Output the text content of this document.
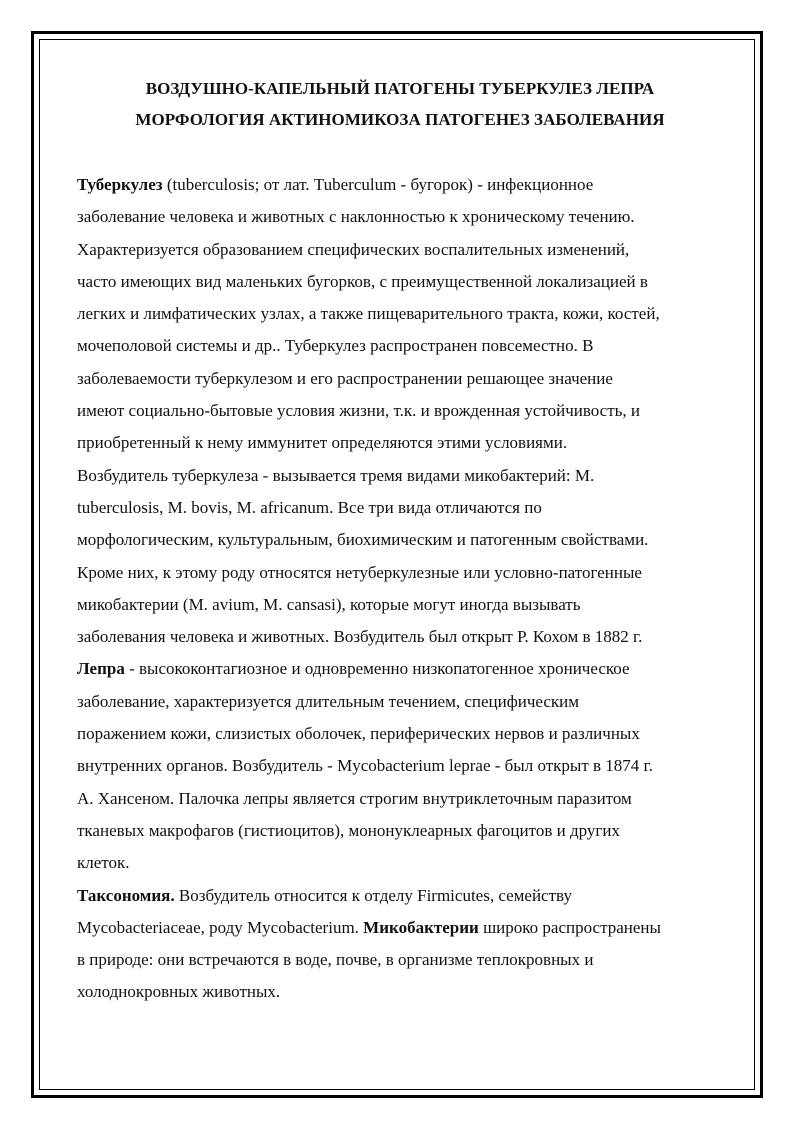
ВОЗДУШНО-КАПЕЛЬНЫЙ ПАТОГЕНЫ ТУБЕРКУЛЕЗ ЛЕПРА
МОРФОЛОГИЯ АКТИНОМИКОЗА ПАТОГЕНЕЗ ЗАБОЛЕВАНИЯ
Туберкулез (tuberculosis; от лат. Tuberculum - бугорок) - инфекционное
заболевание человека и животных с наклонностью к хроническому течению.
Характеризуется образованием специфических воспалительных изменений,
часто имеющих вид маленьких бугорков, с преимущественной локализацией в
легких и лимфатических узлах, а также пищеварительного тракта, кожи, костей,
мочеполовой системы и др.. Туберкулез распространен повсеместно. В
заболеваемости туберкулезом и его распространении решающее значение
имеют социально-бытовые условия жизни, т.к. и врожденная устойчивость, и
приобретенный к нему иммунитет определяются этими условиями.
Возбудитель туберкулеза - вызывается тремя видами микобактерий: M.
tuberculosis, M. bovis, M. africanum. Все три вида отличаются по
морфологическим, культуральным, биохимическим и патогенным свойствами.
Кроме них, к этому роду относятся нетуберкулезные или условно-патогенные
микобактерии (M. avium, M. cansasi), которые могут иногда вызывать
заболевания человека и животных. Возбудитель был открыт Р. Кохом в 1882 г.
Лепра - высококонтагиозное и одновременно низкопатогенное хроническое
заболевание, характеризуется длительным течением, специфическим
поражением кожи, слизистых оболочек, периферических нервов и различных
внутренних органов. Возбудитель - Mycobacterium leprae - был открыт в 1874 г.
А. Хансеном. Палочка лепры является строгим внутриклеточным паразитом
тканевых макрофагов (гистиоцитов), мононуклеарных фагоцитов и других
клеток.
Таксономия. Возбудитель относится к отделу Firmicutes, семейству
Mycobacteriaceae, роду Mycobacterium. Микобактерии широко распространены
в природе: они встречаются в воде, почве, в организме теплокровных и
холоднокровных животных.
